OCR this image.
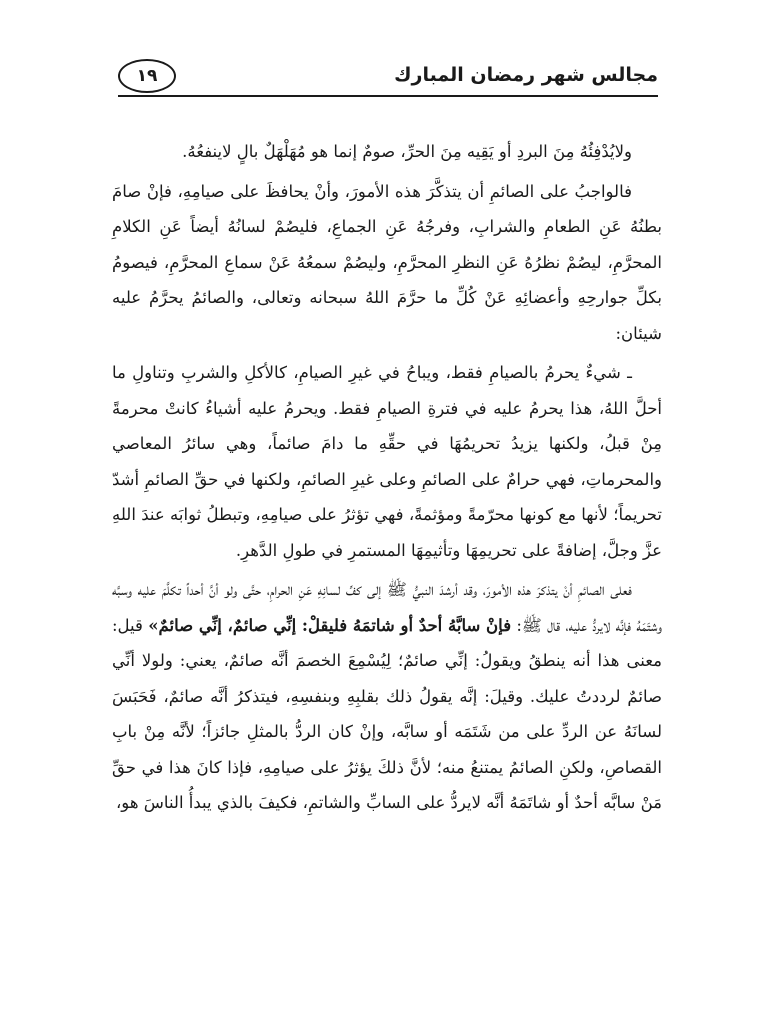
مجالس شهر رمضان المبارك
١٩

ولايُدْفِئُهُ مِنَ البردِ أو يَقِيه مِنَ الحرِّ، صومٌ إنما هو مُهَلْهَلٌ بالٍ لاينفعُهُ.

فالواجبُ على الصائمِ أن يتذكَّرَ هذه الأمورَ، وأنْ يحافظَ على صيامِهِ، فإنْ صامَ بطنُهُ عَنِ الطعامِ والشرابِ، وفرجُهُ عَنِ الجماعِ، فليصُمْ لسانُهُ أيضاً عَنِ الكلامِ المحرَّمِ، ليصُمْ نظرُهُ عَنِ النظرِ المحرَّمِ، وليصُمْ سمعُهُ عَنْ سماعِ المحرَّمِ، فيصومُ بكلِّ جوارحِهِ وأعضائِهِ عَنْ كُلِّ ما حرَّمَ اللهُ سبحانه وتعالى، والصائمُ يحرَّمُ عليه شيئان:

ـ شيءٌ يحرمُ بالصيامِ فقط، ويباحُ في غيرِ الصيامِ، كالأكلِ والشربِ وتناولِ ما أحلَّ اللهُ، هذا يحرمُ عليه في فترةِ الصيامِ فقط. ويحرمُ عليه أشياءُ كانتْ محرمةً مِنْ قبلُ، ولكنها يزيدُ تحريمُهَا في حقِّهِ ما دامَ صائماً، وهي سائرُ المعاصي والمحرماتِ، فهي حرامٌ على الصائمِ وعلى غيرِ الصائمِ، ولكنها في حقِّ الصائمِ أشدّ تحريماً؛ لأنها مع كونها محرّمةً ومؤثمةً، فهي تؤثرُ على صيامِهِ، وتبطلُ ثوابَه عندَ اللهِ عزَّ وجلَّ، إضافةً على تحريمِهَا وتأثيمِهَا المستمرِ في طولِ الدَّهرِ.

فعلى الصائمِ أنْ يتذكرَ هذه الأمورَ، وقد أرشدَ النبيُّ ﷺ إلى كفِّ لسانِهِ عَنِ الحرامِ، حتَّى ولو أنَّ أحداً تكلَّمَ عليه وسبَّه وشتَمَهُ فإنَّه لايردُّ عليه، قال ﷺ: فإنْ سابَّهُ أحدٌ أو شاتمَهُ فليقلْ: إنِّي صائمٌ، إنِّي صائمٌ» قيل: معنى هذا أنه ينطقُ ويقولُ: إنِّي صائمٌ؛ لِيُسْمِعَ الخصمَ أنَّه صائمٌ، يعني: ولولا أنِّي صائمٌ لرددتُ عليك. وقيلَ: إنَّه يقولُ ذلك بقلبِهِ وبنفسِهِ، فيتذكرُ أنَّه صائمٌ، فَحَبَسَ لسانَهُ عن الردِّ على من شَتَمَه أو سابَّه، وإنْ كان الردُّ بالمثلِ جائزاً؛ لأنَّه مِنْ بابِ القصاصِ، ولكنِ الصائمُ يمتنعُ منه؛ لأنَّ ذلكَ يؤثرُ على صيامِهِ، فإذا كانَ هذا في حقِّ مَنْ سابَّه أحدٌ أو شاتَمَهُ أنَّه لايردُّ على السابِّ والشاتمِ، فكيفَ بالذي يبدأُ الناسَ هو،
